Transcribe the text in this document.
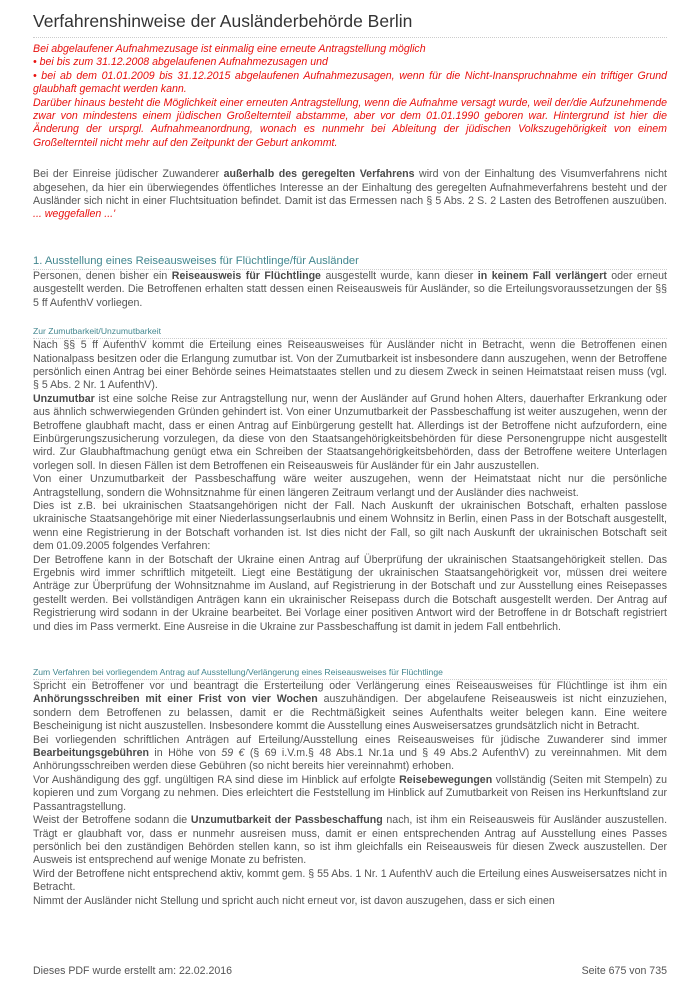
Verfahrenshinweise der Ausländerbehörde Berlin

Bei abgelaufener Aufnahmezusage ist einmalig eine erneute Antragstellung möglich

• bei bis zum 31.12.2008 abgelaufenen Aufnahmezusagen und

• bei ab dem 01.01.2009 bis 31.12.2015 abgelaufenen Aufnahmezusagen, wenn für die Nicht-Inanspruchnahme ein triftiger Grund glaubhaft gemacht werden kann.

Darüber hinaus besteht die Möglichkeit einer erneuten Antragstellung, wenn die Aufnahme versagt wurde, weil der/die Aufzunehmende zwar von mindestens einem jüdischen Großelternteil abstamme, aber vor dem 01.01.1990 geboren war. Hintergrund ist hier die Änderung der ursprgl. Aufnahmeanordnung, wonach es nunmehr bei Ableitung der jüdischen Volkszugehörigkeit von einem Großelternteil nicht mehr auf den Zeitpunkt der Geburt ankommt.

Bei der Einreise jüdischer Zuwanderer außerhalb des geregelten Verfahrens wird von der Einhaltung des Visumverfahrens nicht abgesehen, da hier ein überwiegendes öffentliches Interesse an der Einhaltung des geregelten Aufnahmeverfahrens besteht und der Ausländer sich nicht in einer Fluchtsituation befindet. Damit ist das Ermessen nach § 5 Abs. 2 S. 2 Lasten des Betroffenen auszuüben. ... weggefallen ...'

1. Ausstellung eines Reiseausweises für Flüchtlinge/für Ausländer

Personen, denen bisher ein Reiseausweis für Flüchtlinge ausgestellt wurde, kann dieser in keinem Fall verlängert oder erneut ausgestellt werden. Die Betroffenen erhalten statt dessen einen Reiseausweis für Ausländer, so die Erteilungsvoraussetzungen der §§ 5 ff AufenthV vorliegen.

Zur Zumutbarkeit/Unzumutbarkeit

Nach §§ 5 ff AufenthV kommt die Erteilung eines Reiseausweises für Ausländer nicht in Betracht, wenn die Betroffenen einen Nationalpass besitzen oder die Erlangung zumutbar ist. Von der Zumutbarkeit ist insbesondere dann auszugehen, wenn der Betroffene persönlich einen Antrag bei einer Behörde seines Heimatstaates stellen und zu diesem Zweck in seinen Heimatstaat reisen muss (vgl. § 5 Abs. 2 Nr. 1 AufenthV).

Unzumutbar ist eine solche Reise zur Antragstellung nur, wenn der Ausländer auf Grund hohen Alters, dauerhafter Erkrankung oder aus ähnlich schwerwiegenden Gründen gehindert ist. Von einer Unzumutbarkeit der Passbeschaffung ist weiter auszugehen, wenn der Betroffene glaubhaft macht, dass er einen Antrag auf Einbürgerung gestellt hat. Allerdings ist der Betroffene nicht aufzufordern, eine Einbürgerungszusicherung vorzulegen, da diese von den Staatsangehörigkeitsbehörden für diese Personengruppe nicht ausgestellt wird. Zur Glaubhaftmachung genügt etwa ein Schreiben der Staatsangehörigkeitsbehörden, dass der Betroffene weitere Unterlagen vorlegen soll. In diesen Fällen ist dem Betroffenen ein Reiseausweis für Ausländer für ein Jahr auszustellen.

Von einer Unzumutbarkeit der Passbeschaffung wäre weiter auszugehen, wenn der Heimatstaat nicht nur die persönliche Antragstellung, sondern die Wohnsitznahme für einen längeren Zeitraum verlangt und der Ausländer dies nachweist.

Dies ist z.B. bei ukrainischen Staatsangehörigen nicht der Fall. Nach Auskunft der ukrainischen Botschaft, erhalten passlose ukrainische Staatsangehörige mit einer Niederlassungserlaubnis und einem Wohnsitz in Berlin, einen Pass in der Botschaft ausgestellt, wenn eine Registrierung in der Botschaft vorhanden ist. Ist dies nicht der Fall, so gilt nach Auskunft der ukrainischen Botschaft seit dem 01.09.2005 folgendes Verfahren:

Der Betroffene kann in der Botschaft der Ukraine einen Antrag auf Überprüfung der ukrainischen Staatsangehörigkeit stellen. Das Ergebnis wird immer schriftlich mitgeteilt. Liegt eine Bestätigung der ukrainischen Staatsangehörigkeit vor, müssen drei weitere Anträge zur Überprüfung der Wohnsitznahme im Ausland, auf Registrierung in der Botschaft und zur Ausstellung eines Reisepasses gestellt werden. Bei vollständigen Anträgen kann ein ukrainischer Reisepass durch die Botschaft ausgestellt werden. Der Antrag auf Registrierung wird sodann in der Ukraine bearbeitet. Bei Vorlage einer positiven Antwort wird der Betroffene in dr Botschaft registriert und dies im Pass vermerkt. Eine Ausreise in die Ukraine zur Passbeschaffung ist damit in jedem Fall entbehrlich.

Zum Verfahren bei vorliegendem Antrag auf Ausstellung/Verlängerung eines Reiseausweises für Flüchtlinge

Spricht ein Betroffener vor und beantragt die Ersterteilung oder Verlängerung eines Reiseausweises für Flüchtlinge ist ihm ein Anhörungsschreiben mit einer Frist von vier Wochen auszuhändigen. Der abgelaufene Reiseausweis ist nicht einzuziehen, sondern dem Betroffenen zu belassen, damit er die Rechtmäßigkeit seines Aufenthalts weiter belegen kann. Eine weitere Bescheinigung ist nicht auszustellen. Insbesondere kommt die Ausstellung eines Ausweisersatzes grundsätzlich nicht in Betracht.

Bei vorliegenden schriftlichen Anträgen auf Erteilung/Ausstellung eines Reiseausweises für jüdische Zuwanderer sind immer Bearbeitungsgebühren in Höhe von 59 € (§ 69 i.V.m.§ 48 Abs.1 Nr.1a und § 49 Abs.2 AufenthV) zu vereinnahmen. Mit dem Anhörungsschreiben werden diese Gebühren (so nicht bereits hier vereinnahmt) erhoben.

Vor Aushändigung des ggf. ungültigen RA sind diese im Hinblick auf erfolgte Reisebewegungen vollständig (Seiten mit Stempeln) zu kopieren und zum Vorgang zu nehmen. Dies erleichtert die Feststellung im Hinblick auf Zumutbarkeit von Reisen ins Herkunftsland zur Passantragstellung.

Weist der Betroffene sodann die Unzumutbarkeit der Passbeschaffung nach, ist ihm ein Reiseausweis für Ausländer auszustellen. Trägt er glaubhaft vor, dass er nunmehr ausreisen muss, damit er einen entsprechenden Antrag auf Ausstellung eines Passes persönlich bei den zuständigen Behörden stellen kann, so ist ihm gleichfalls ein Reiseausweis für diesen Zweck auszustellen. Der Ausweis ist entsprechend auf wenige Monate zu befristen.

Wird der Betroffene nicht entsprechend aktiv, kommt gem. § 55 Abs. 1 Nr. 1 AufenthV auch die Erteilung eines Ausweisersatzes nicht in Betracht.

Nimmt der Ausländer nicht Stellung und spricht auch nicht erneut vor, ist davon auszugehen, dass er sich einen

Dieses PDF wurde erstellt am: 22.02.2016	Seite 675 von 735
